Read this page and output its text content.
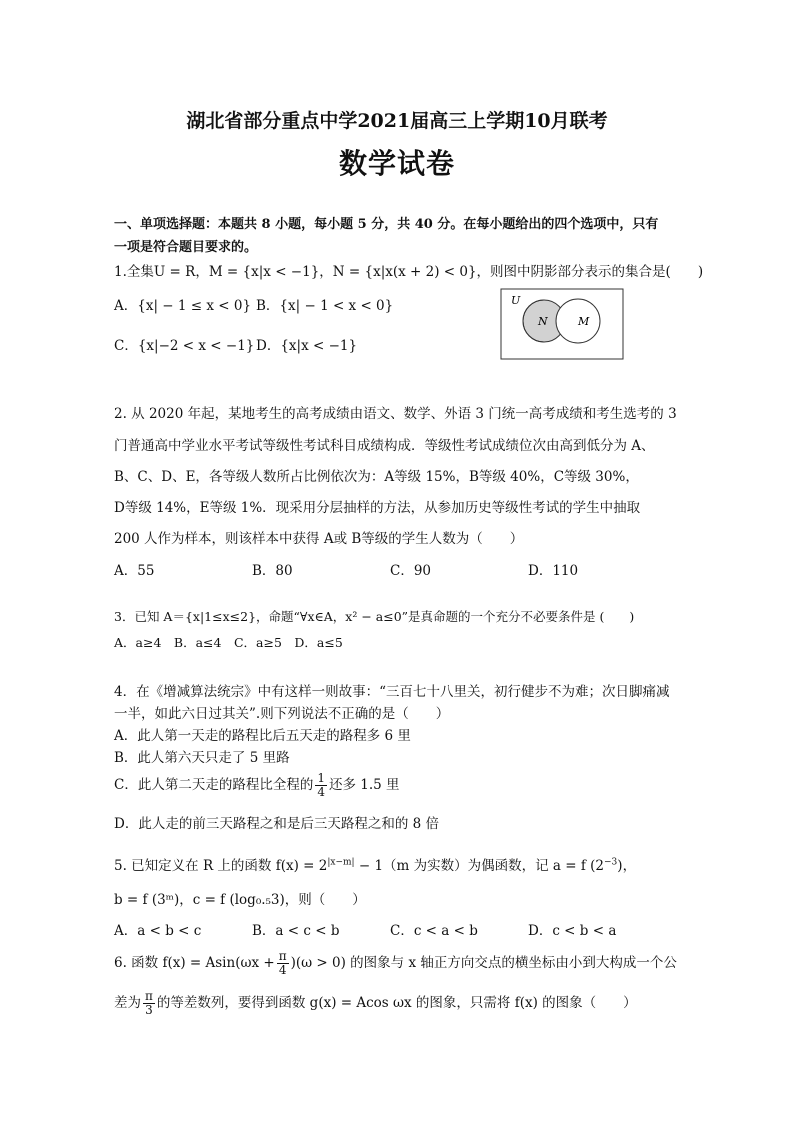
湖北省部分重点中学2021届高三上学期10月联考
数学试卷
一、单项选择题：本题共 8 小题，每小题 5 分，共 40 分。在每小题给出的四个选项中，只有
一项是符合题目要求的。
1.全集U = R，M = {x|x < −1}，N = {x|x(x + 2) < 0}，则图中阴影部分表示的集合是(　　)
A．{x| − 1 ≤ x < 0} B．{x| − 1 < x < 0}
C．{x|−2 < x < −1} D．{x|x < −1}
U
N	M
2. 从 2020 年起，某地考生的高考成绩由语文、数学、外语 3 门统一高考成绩和考生选考的 3
门普通高中学业水平考试等级性考试科目成绩构成．等级性考试成绩位次由高到低分为 A、
B、C、D、E，各等级人数所占比例依次为：A等级 15%，B等级 40%，C等级 30%，
D等级 14%，E等级 1%．现采用分层抽样的方法，从参加历史等级性考试的学生中抽取
200 人作为样本，则该样本中获得 A或 B等级的学生人数为（　　）
A．55	B．80	C．90	D．110
3．已知 A＝{x|1≤x≤2}，命题“∀x∈A，x² − a≤0”是真命题的一个充分不必要条件是 (　　)
A．a≥4　B．a≤4　C．a≥5　D．a≤5
4．在《增减算法统宗》中有这样一则故事：“三百七十八里关，初行健步不为难；次日脚痛减
一半，如此六日过其关”.则下列说法不正确的是（　　）
A．此人第一天走的路程比后五天走的路程多 6 里
B．此人第六天只走了 5 里路
C．此人第二天走的路程比全程的 $\frac{1}{4}$ 还多 1.5 里
D．此人走的前三天路程之和是后三天路程之和的 8 倍
5. 已知定义在 R 上的函数 $f(x) = 2^{|x-m|} - 1(m$ 为实数）为偶函数，记 a = f $(2^{-3})$，
b = f (3ᵐ)，c = f (log₀.₅3)，则（　　）
A．a < b < c	B．a < c < b	C．c < a < b	D．c < b < a
6. 函数 $f(x) = Asin(\omega x + \frac{\pi}{4} )(\omega > 0)$ 的图象与 x 轴正方向交点的横坐标由小到大构成一个公
差为 $\frac{\pi}{3}$ 的等差数列，要得到函数 g(x) = Acos ωx 的图象，只需将 f(x) 的图象（　　）
